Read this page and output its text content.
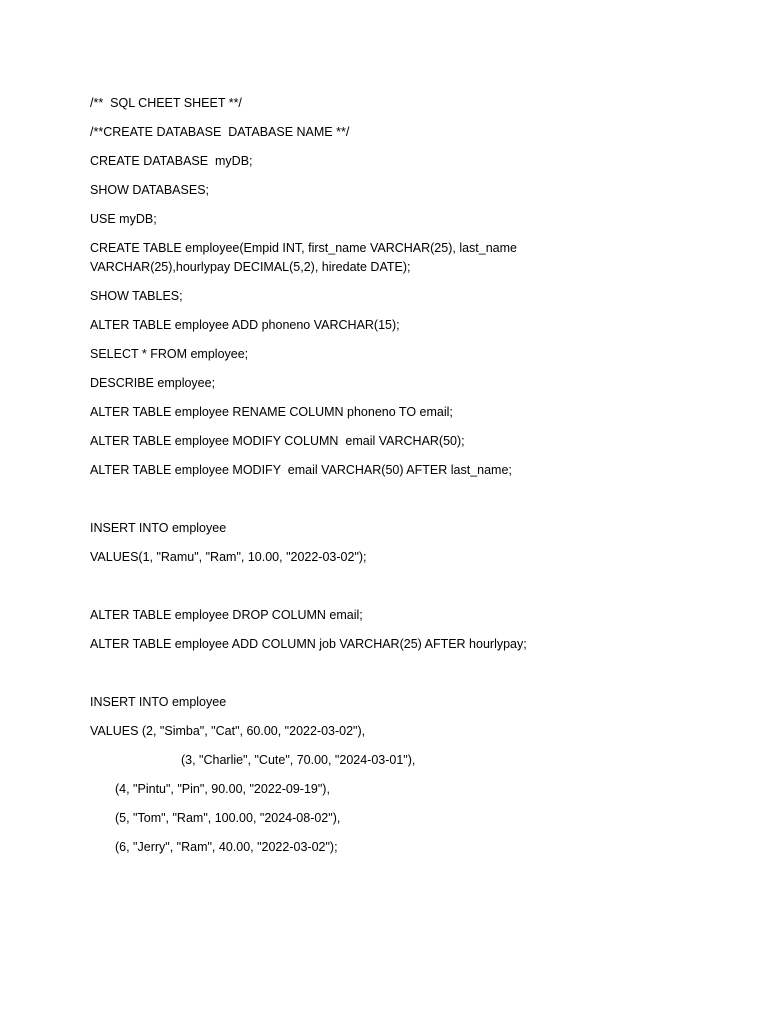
/**  SQL CHEET SHEET **/

/**CREATE DATABASE  DATABASE NAME **/

CREATE DATABASE  myDB;

SHOW DATABASES;

USE myDB;

CREATE TABLE employee(Empid INT, first_name VARCHAR(25), last_name VARCHAR(25),hourlypay DECIMAL(5,2), hiredate DATE);

SHOW TABLES;

ALTER TABLE employee ADD phoneno VARCHAR(15);

SELECT * FROM employee;

DESCRIBE employee;

ALTER TABLE employee RENAME COLUMN phoneno TO email;

ALTER TABLE employee MODIFY COLUMN  email VARCHAR(50);

ALTER TABLE employee MODIFY  email VARCHAR(50) AFTER last_name;

INSERT INTO employee

VALUES(1, "Ramu", "Ram", 10.00, "2022-03-02");

ALTER TABLE employee DROP COLUMN email;

ALTER TABLE employee ADD COLUMN job VARCHAR(25) AFTER hourlypay;

INSERT INTO employee

VALUES (2, "Simba", "Cat", 60.00, "2022-03-02"),

(3, "Charlie", "Cute", 70.00, "2024-03-01"),

(4, "Pintu", "Pin", 90.00, "2022-09-19"),

(5, "Tom", "Ram", 100.00, "2024-08-02"),

(6, "Jerry", "Ram", 40.00, "2022-03-02");
